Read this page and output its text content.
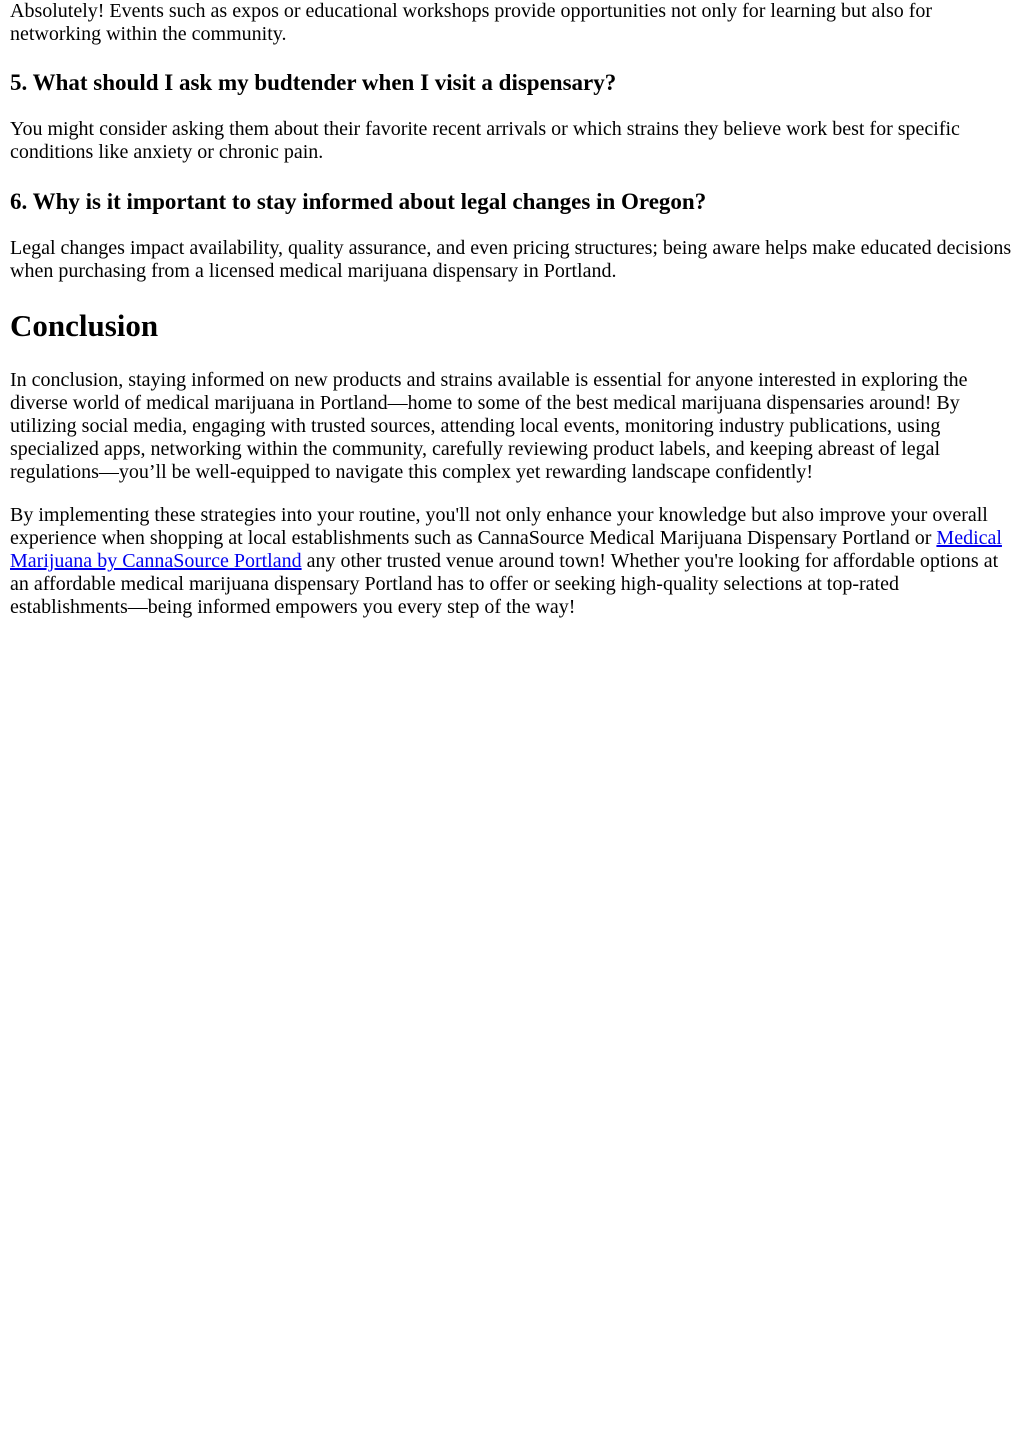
Absolutely! Events such as expos or educational workshops provide opportunities not only for learning but also for networking within the community.

5. What should I ask my budtender when I visit a dispensary?

You might consider asking them about their favorite recent arrivals or which strains they believe work best for specific conditions like anxiety or chronic pain.

6. Why is it important to stay informed about legal changes in Oregon?

Legal changes impact availability, quality assurance, and even pricing structures; being aware helps make educated decisions when purchasing from a licensed medical marijuana dispensary in Portland.

Conclusion

In conclusion, staying informed on new products and strains available is essential for anyone interested in exploring the diverse world of medical marijuana in Portland—home to some of the best medical marijuana dispensaries around! By utilizing social media, engaging with trusted sources, attending local events, monitoring industry publications, using specialized apps, networking within the community, carefully reviewing product labels, and keeping abreast of legal regulations—you’ll be well-equipped to navigate this complex yet rewarding landscape confidently!

By implementing these strategies into your routine, you'll not only enhance your knowledge but also improve your overall experience when shopping at local establishments such as CannaSource Medical Marijuana Dispensary Portland or Medical Marijuana by CannaSource Portland any other trusted venue around town! Whether you're looking for affordable options at an affordable medical marijuana dispensary Portland has to offer or seeking high-quality selections at top-rated establishments—being informed empowers you every step of the way!
